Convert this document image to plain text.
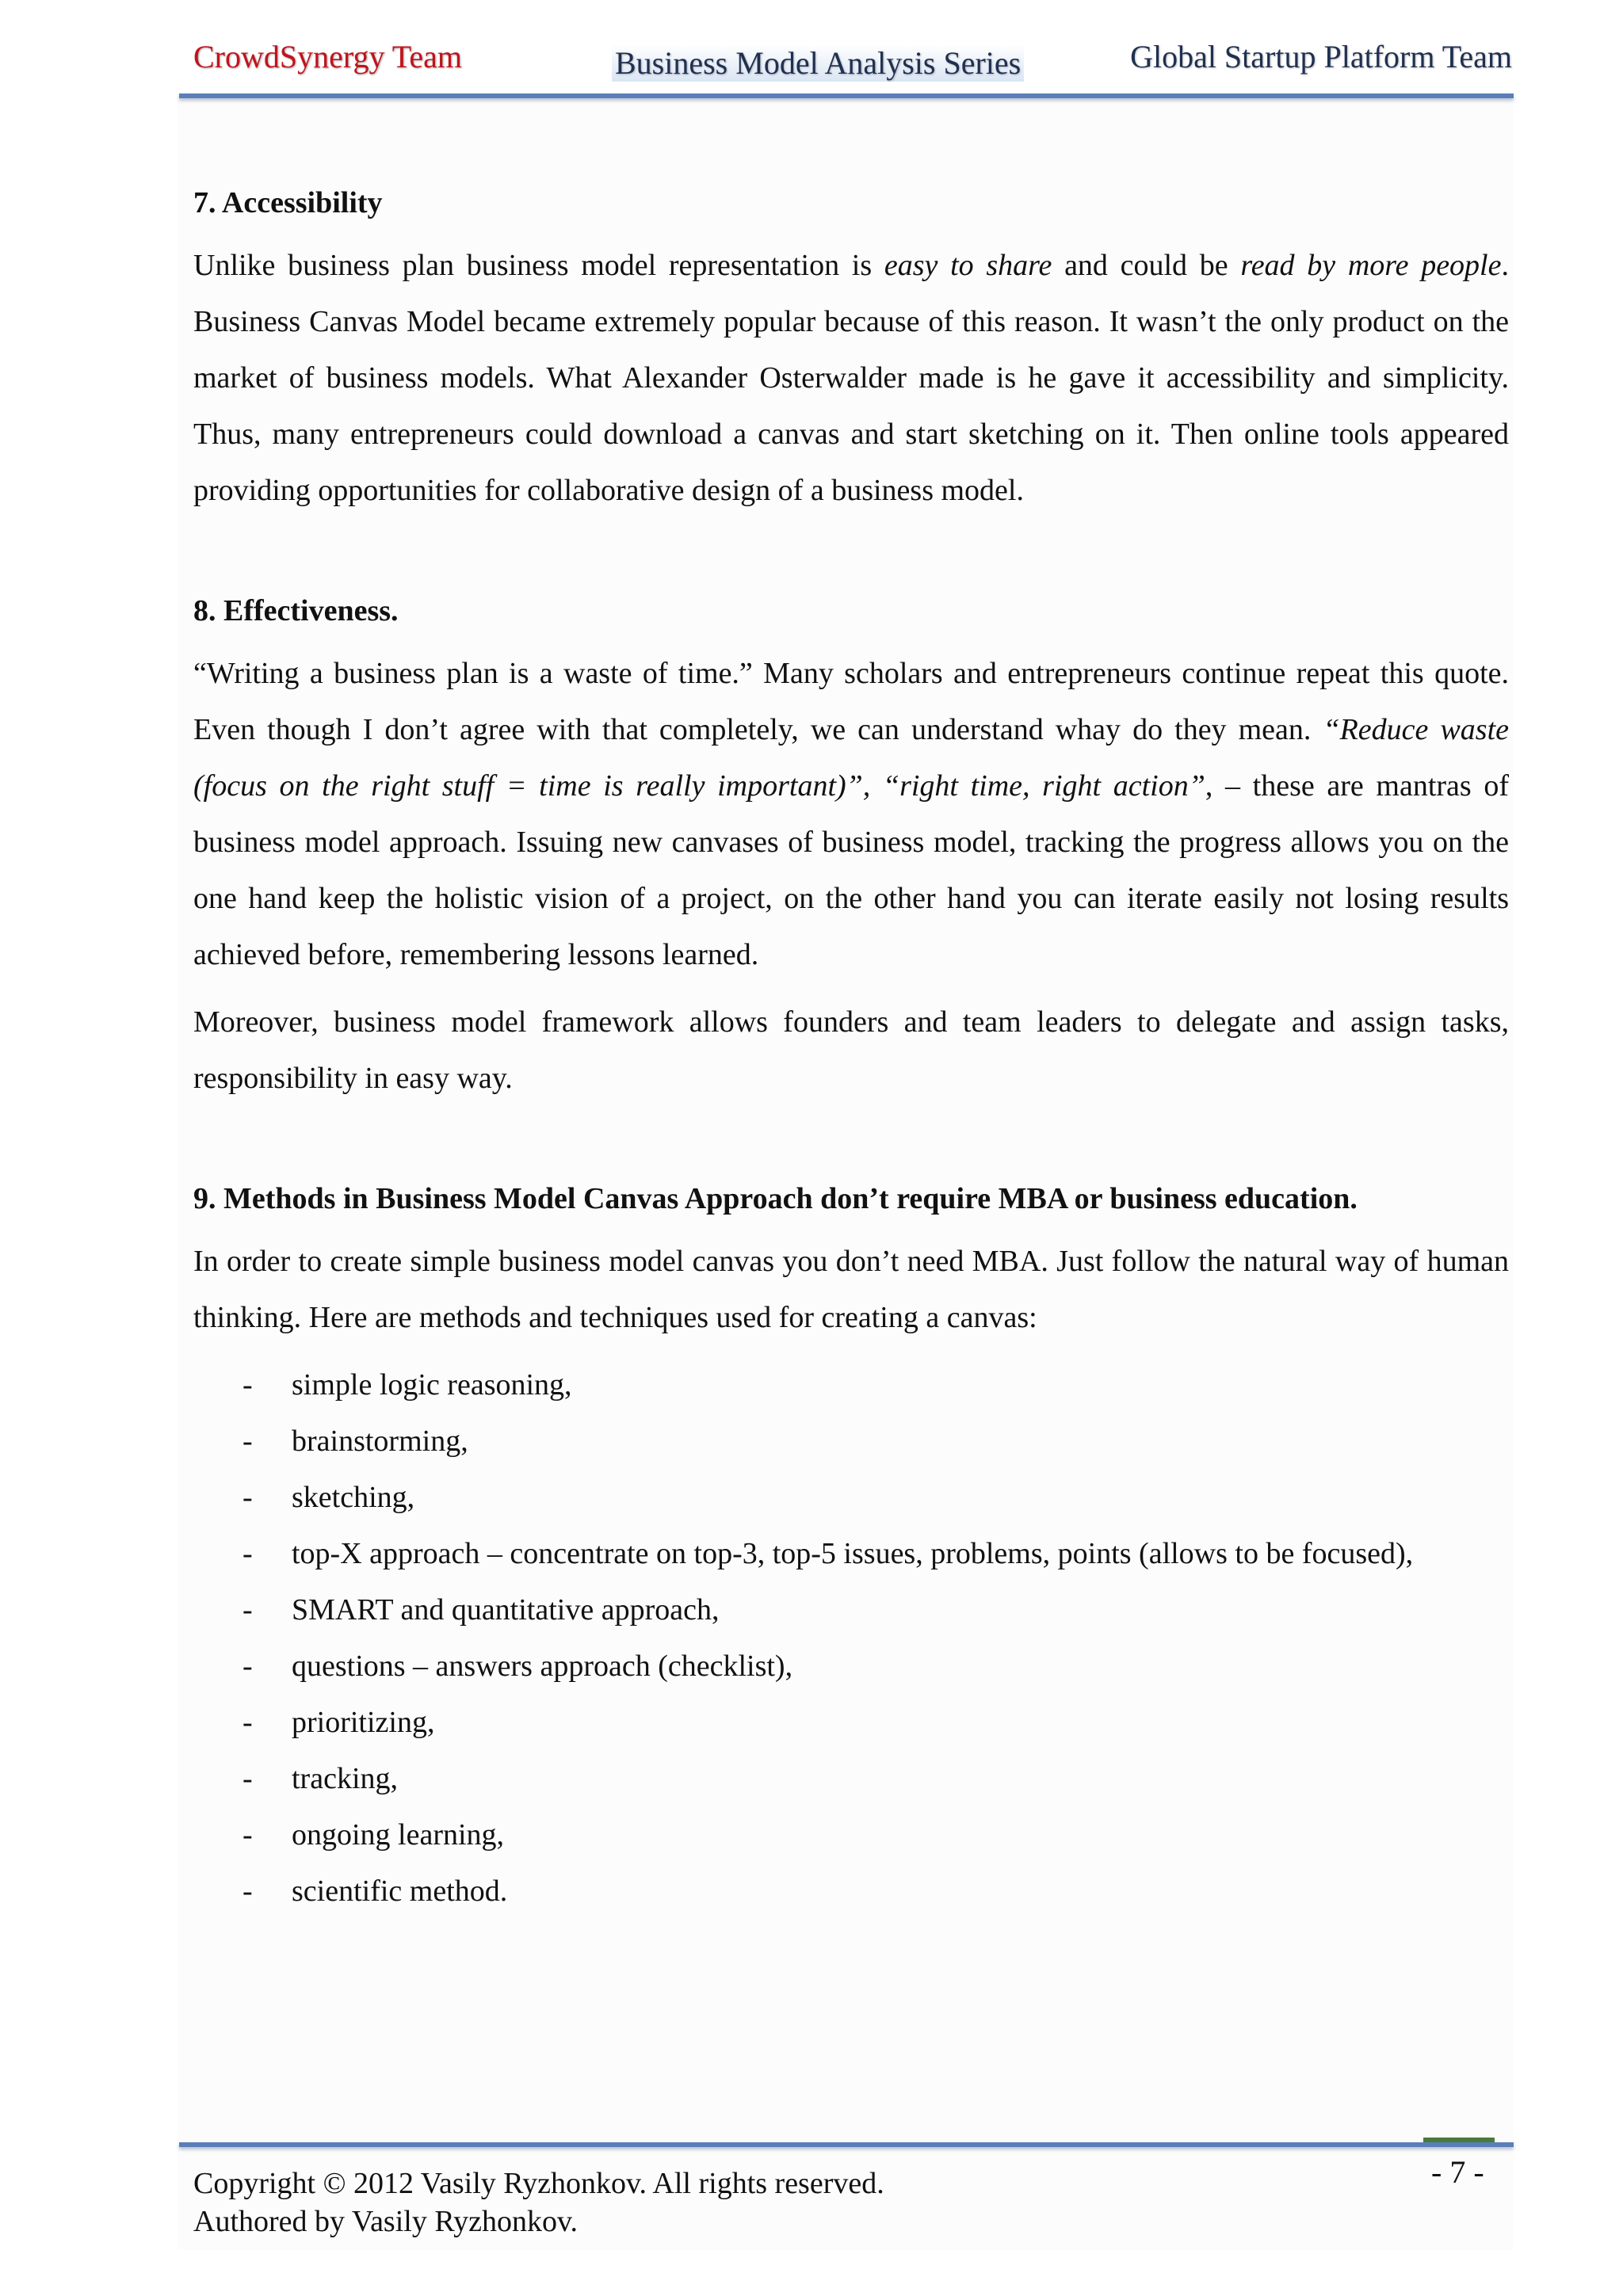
CrowdSynergy Team	Business Model Analysis Series	Global Startup Platform Team
7. Accessibility

Unlike business plan business model representation is easy to share and could be read by more people. Business Canvas Model became extremely popular because of this reason. It wasn’t the only product on the market of business models. What Alexander Osterwalder made is he gave it accessibility and simplicity. Thus, many entrepreneurs could download a canvas and start sketching on it. Then online tools appeared providing opportunities for collaborative design of a business model.

8. Effectiveness.

“Writing a business plan is a waste of time.” Many scholars and entrepreneurs continue repeat this quote. Even though I don’t agree with that completely, we can understand whay do they mean. “Reduce waste (focus on the right stuff = time is really important)”, “right time, right action”, – these are mantras of business model approach. Issuing new canvases of business model, tracking the progress allows you on the one hand keep the holistic vision of a project, on the other hand you can iterate easily not losing results achieved before, remembering lessons learned.

Moreover, business model framework allows founders and team leaders to delegate and assign tasks, responsibility in easy way.

9. Methods in Business Model Canvas Approach don’t require MBA or business education.

In order to create simple business model canvas you don’t need MBA. Just follow the natural way of human thinking. Here are methods and techniques used for creating a canvas:

- simple logic reasoning,
- brainstorming,
- sketching,
- top-X approach – concentrate on top-3, top-5 issues, problems, points (allows to be focused),
- SMART and quantitative approach,
- questions – answers approach (checklist),
- prioritizing,
- tracking,
- ongoing learning,
- scientific method.
Copyright © 2012 Vasily Ryzhonkov. All rights reserved.
Authored by Vasily Ryzhonkov.
- 7 -
